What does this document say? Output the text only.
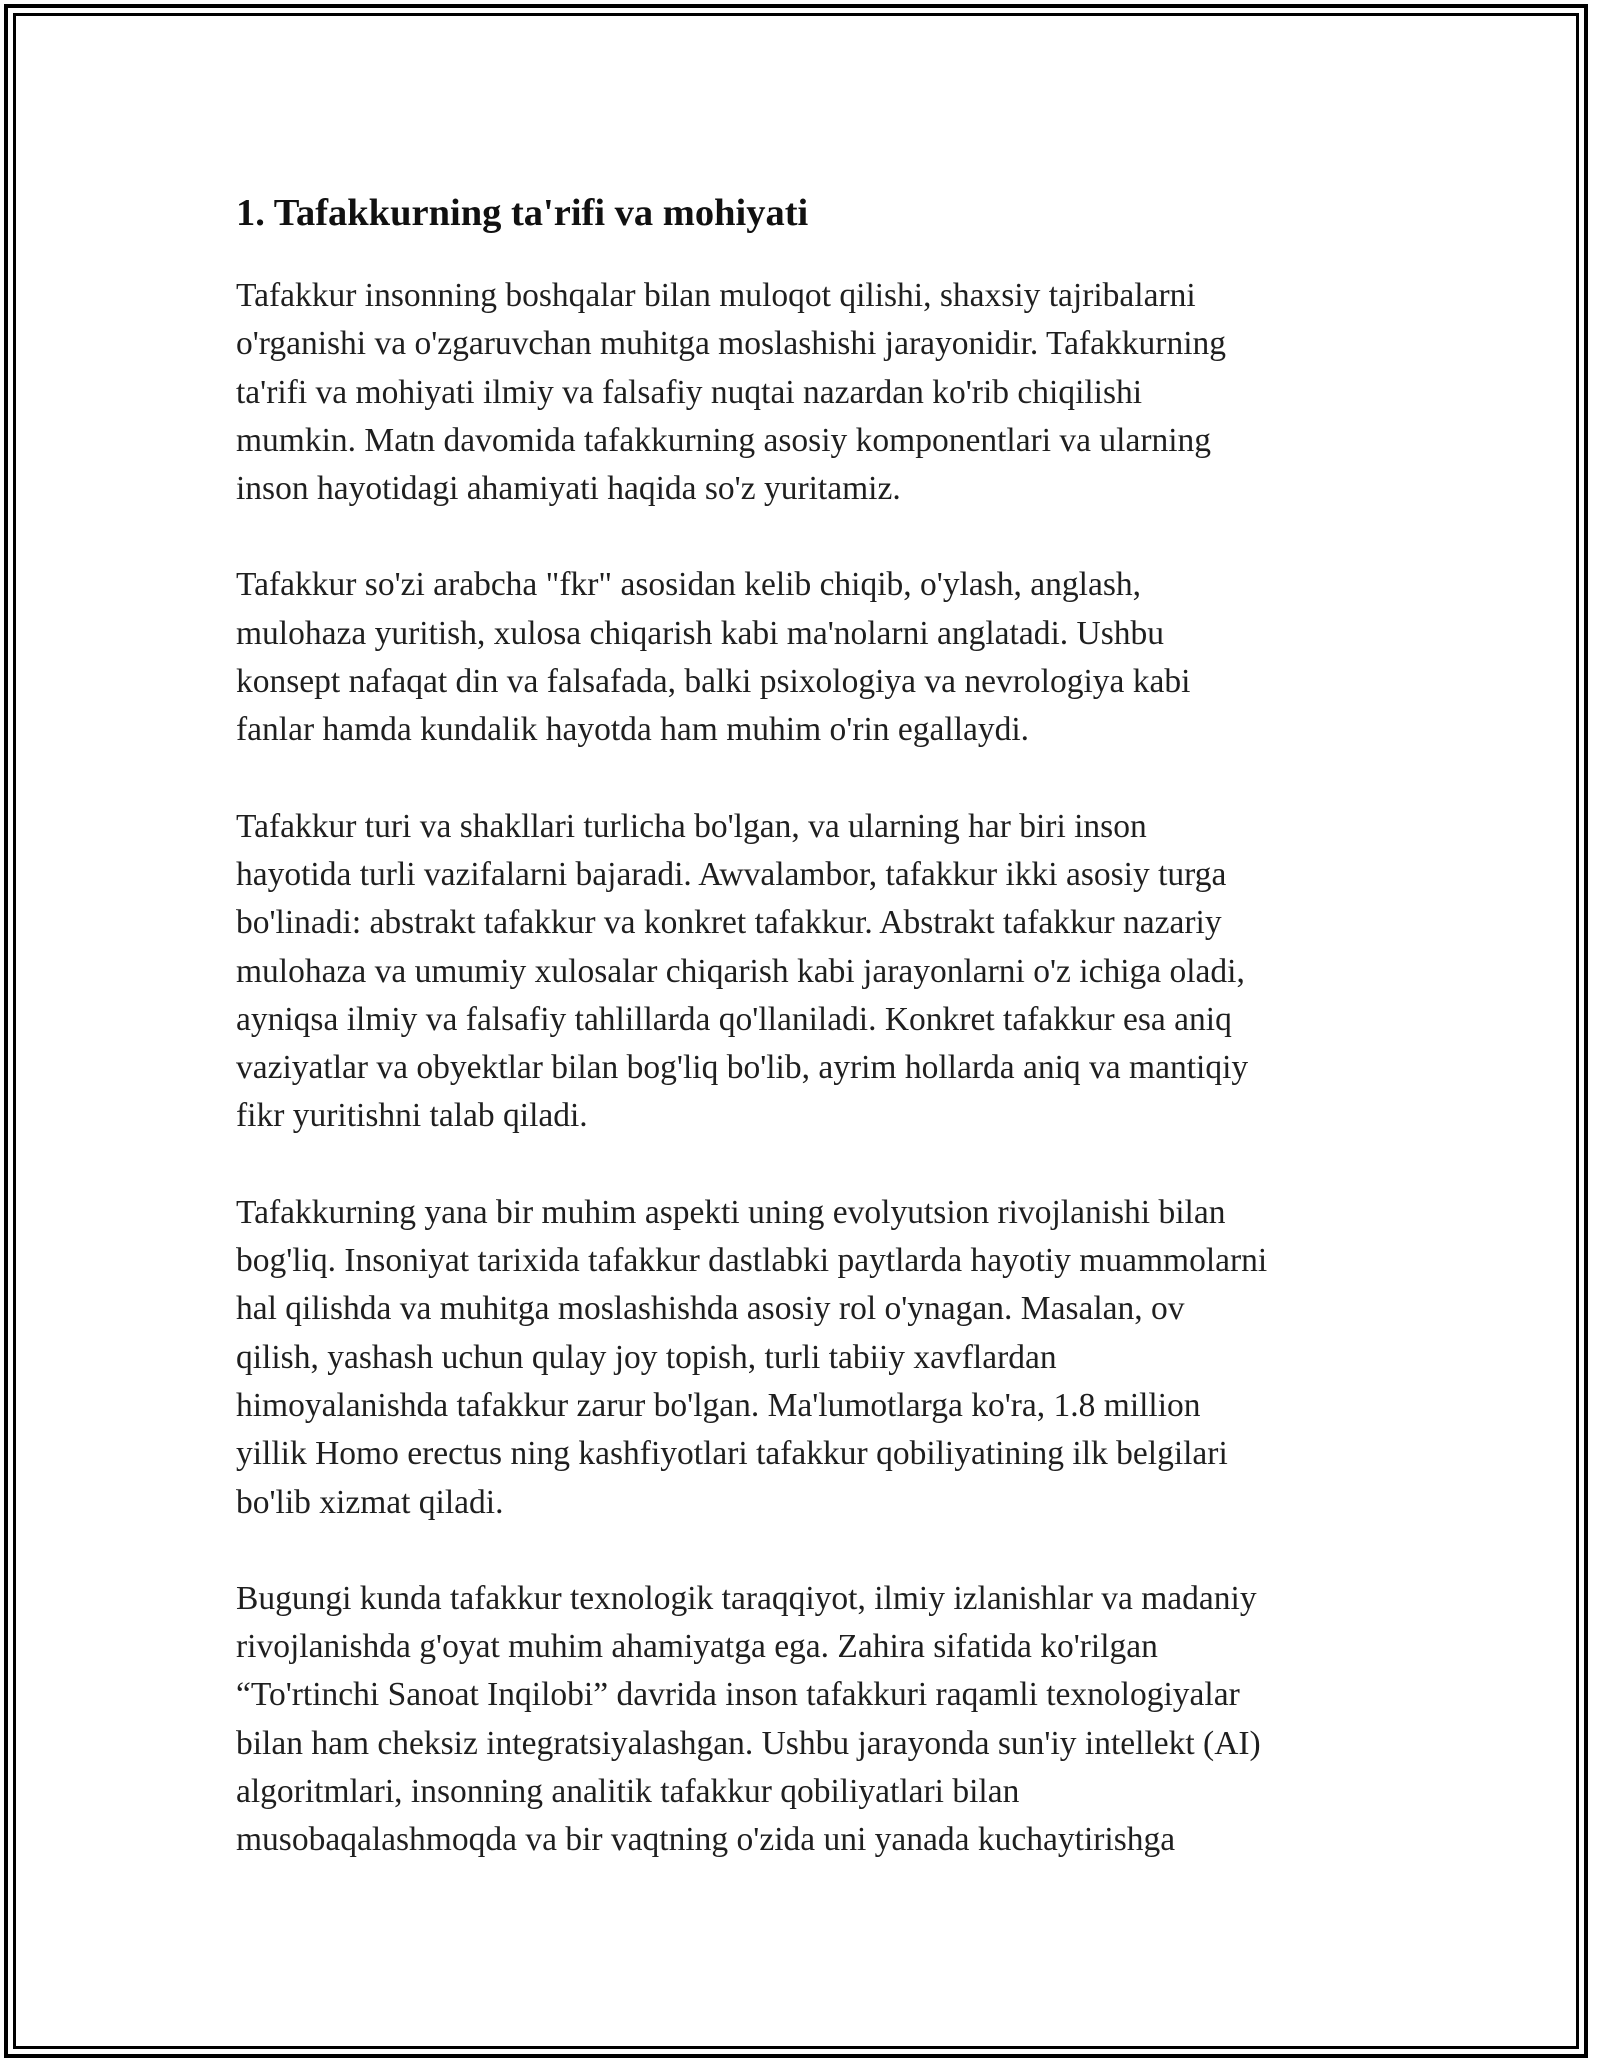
1. Tafakkurning ta'rifi va mohiyati

Tafakkur insonning boshqalar bilan muloqot qilishi, shaxsiy tajribalarni
o'rganishi va o'zgaruvchan muhitga moslashishi jarayonidir. Tafakkurning
ta'rifi va mohiyati ilmiy va falsafiy nuqtai nazardan ko'rib chiqilishi
mumkin. Matn davomida tafakkurning asosiy komponentlari va ularning
inson hayotidagi ahamiyati haqida so'z yuritamiz.

Tafakkur so'zi arabcha "fkr" asosidan kelib chiqib, o'ylash, anglash,
mulohaza yuritish, xulosa chiqarish kabi ma'nolarni anglatadi. Ushbu
konsept nafaqat din va falsafada, balki psixologiya va nevrologiya kabi
fanlar hamda kundalik hayotda ham muhim o'rin egallaydi.

Tafakkur turi va shakllari turlicha bo'lgan, va ularning har biri inson
hayotida turli vazifalarni bajaradi. Awvalambor, tafakkur ikki asosiy turga
bo'linadi: abstrakt tafakkur va konkret tafakkur. Abstrakt tafakkur nazariy
mulohaza va umumiy xulosalar chiqarish kabi jarayonlarni o'z ichiga oladi,
ayniqsa ilmiy va falsafiy tahlillarda qo'llaniladi. Konkret tafakkur esa aniq
vaziyatlar va obyektlar bilan bog'liq bo'lib, ayrim hollarda aniq va mantiqiy
fikr yuritishni talab qiladi.

Tafakkurning yana bir muhim aspekti uning evolyutsion rivojlanishi bilan
bog'liq. Insoniyat tarixida tafakkur dastlabki paytlarda hayotiy muammolarni
hal qilishda va muhitga moslashishda asosiy rol o'ynagan. Masalan, ov
qilish, yashash uchun qulay joy topish, turli tabiiy xavflardan
himoyalanishda tafakkur zarur bo'lgan. Ma'lumotlarga ko'ra, 1.8 million
yillik Homo erectus ning kashfiyotlari tafakkur qobiliyatining ilk belgilari
bo'lib xizmat qiladi.

Bugungi kunda tafakkur texnologik taraqqiyot, ilmiy izlanishlar va madaniy
rivojlanishda g'oyat muhim ahamiyatga ega. Zahira sifatida ko'rilgan
“To'rtinchi Sanoat Inqilobi” davrida inson tafakkuri raqamli texnologiyalar
bilan ham cheksiz integratsiyalashgan. Ushbu jarayonda sun'iy intellekt (AI)
algoritmlari, insonning analitik tafakkur qobiliyatlari bilan
musobaqalashmoqda va bir vaqtning o'zida uni yanada kuchaytirishga
